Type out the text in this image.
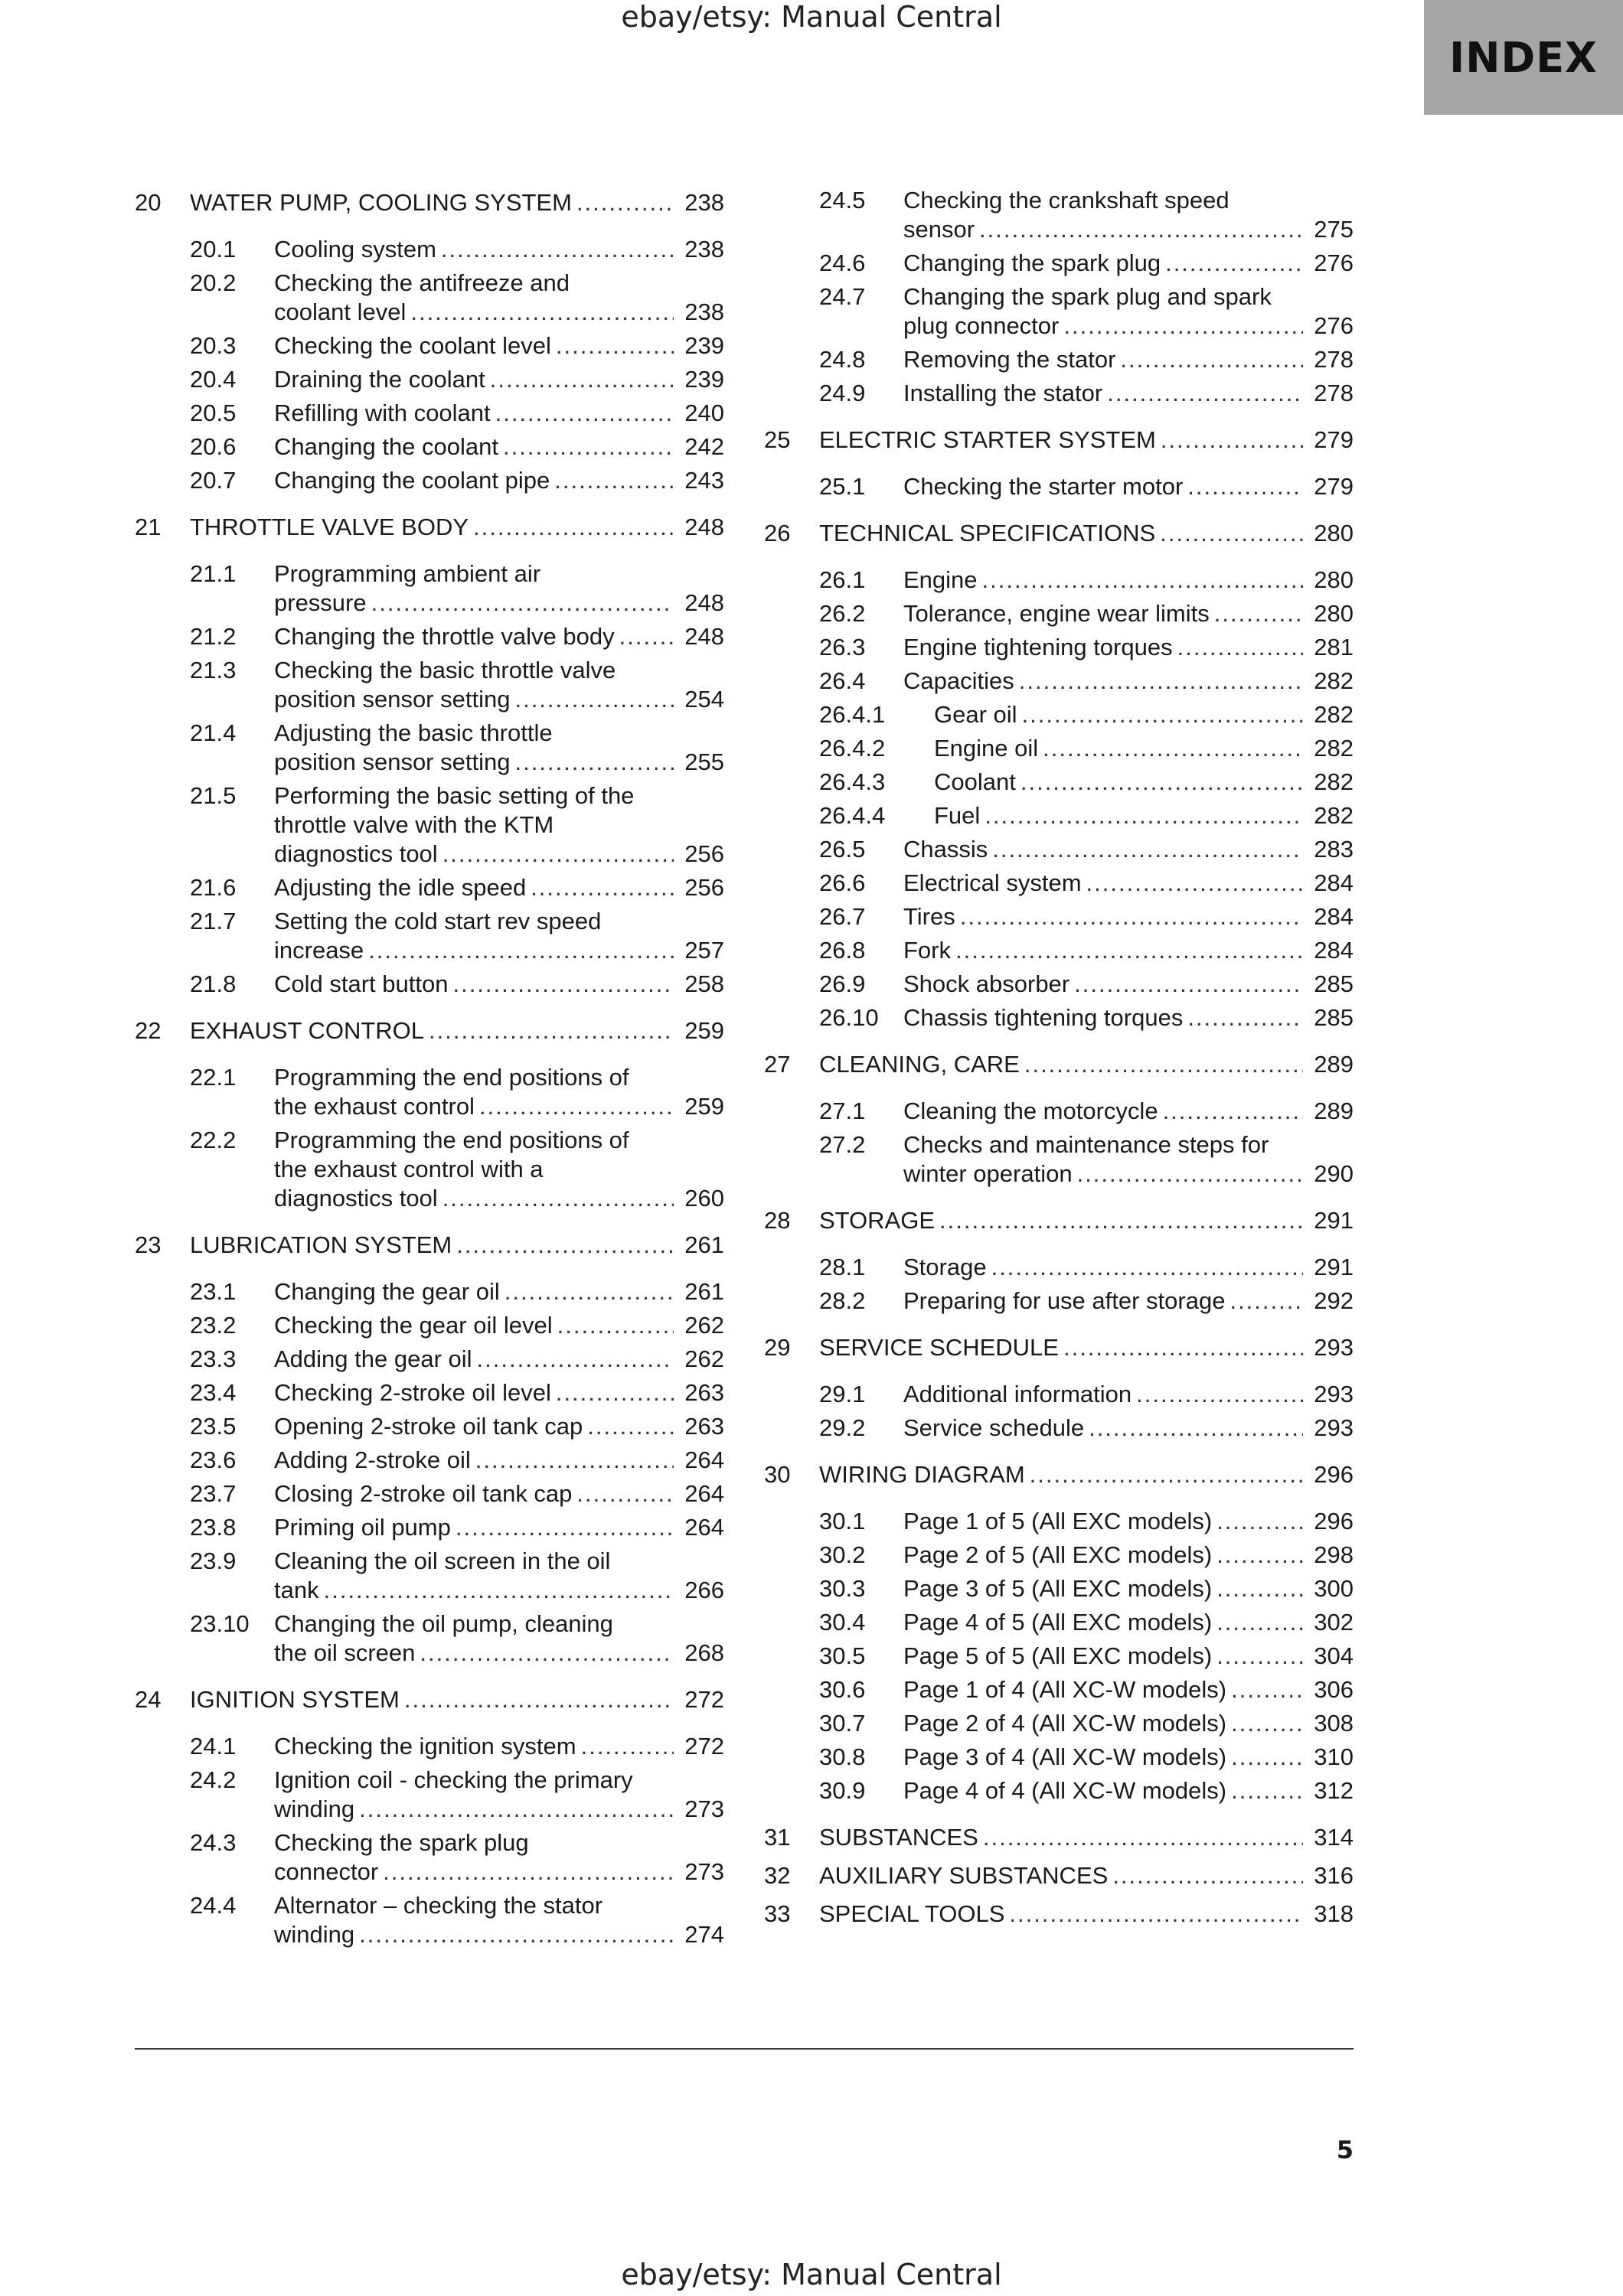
ebay/etsy: Manual Central
INDEX
20	WATER PUMP, COOLING SYSTEM .....	238
20.1	Cooling system .....	238
20.2	Checking the antifreeze and
coolant level .....	238
20.3	Checking the coolant level .....	239
20.4	Draining the coolant .....	239
20.5	Refilling with coolant .....	240
20.6	Changing the coolant .....	242
20.7	Changing the coolant pipe .....	243
21	THROTTLE VALVE BODY .....	248
21.1	Programming ambient air
pressure .....	248
21.2	Changing the throttle valve body .....	248
21.3	Checking the basic throttle valve
position sensor setting .....	254
21.4	Adjusting the basic throttle
position sensor setting .....	255
21.5	Performing the basic setting of the
throttle valve with the KTM
diagnostics tool .....	256
21.6	Adjusting the idle speed .....	256
21.7	Setting the cold start rev speed
increase .....	257
21.8	Cold start button .....	258
22	EXHAUST CONTROL .....	259
22.1	Programming the end positions of
the exhaust control .....	259
22.2	Programming the end positions of
the exhaust control with a
diagnostics tool .....	260
23	LUBRICATION SYSTEM .....	261
23.1	Changing the gear oil .....	261
23.2	Checking the gear oil level .....	262
23.3	Adding the gear oil .....	262
23.4	Checking 2-stroke oil level .....	263
23.5	Opening 2-stroke oil tank cap .....	263
23.6	Adding 2-stroke oil .....	264
23.7	Closing 2-stroke oil tank cap .....	264
23.8	Priming oil pump .....	264
23.9	Cleaning the oil screen in the oil
tank .....	266
23.10	Changing the oil pump, cleaning
the oil screen .....	268
24	IGNITION SYSTEM .....	272
24.1	Checking the ignition system .....	272
24.2	Ignition coil - checking the primary
winding .....	273
24.3	Checking the spark plug
connector .....	273
24.4	Alternator – checking the stator
winding .....	274
24.5	Checking the crankshaft speed
sensor .....	275
24.6	Changing the spark plug .....	276
24.7	Changing the spark plug and spark
plug connector .....	276
24.8	Removing the stator .....	278
24.9	Installing the stator .....	278
25	ELECTRIC STARTER SYSTEM .....	279
25.1	Checking the starter motor .....	279
26	TECHNICAL SPECIFICATIONS .....	280
26.1	Engine .....	280
26.2	Tolerance, engine wear limits .....	280
26.3	Engine tightening torques .....	281
26.4	Capacities .....	282
26.4.1	Gear oil .....	282
26.4.2	Engine oil .....	282
26.4.3	Coolant .....	282
26.4.4	Fuel .....	282
26.5	Chassis .....	283
26.6	Electrical system .....	284
26.7	Tires .....	284
26.8	Fork .....	284
26.9	Shock absorber .....	285
26.10	Chassis tightening torques .....	285
27	CLEANING, CARE .....	289
27.1	Cleaning the motorcycle .....	289
27.2	Checks and maintenance steps for
winter operation .....	290
28	STORAGE .....	291
28.1	Storage .....	291
28.2	Preparing for use after storage .....	292
29	SERVICE SCHEDULE .....	293
29.1	Additional information .....	293
29.2	Service schedule .....	293
30	WIRING DIAGRAM .....	296
30.1	Page 1 of 5 (All EXC models) .....	296
30.2	Page 2 of 5 (All EXC models) .....	298
30.3	Page 3 of 5 (All EXC models) .....	300
30.4	Page 4 of 5 (All EXC models) .....	302
30.5	Page 5 of 5 (All EXC models) .....	304
30.6	Page 1 of 4 (All XC-W models) .....	306
30.7	Page 2 of 4 (All XC-W models) .....	308
30.8	Page 3 of 4 (All XC-W models) .....	310
30.9	Page 4 of 4 (All XC-W models) .....	312
31	SUBSTANCES .....	314
32	AUXILIARY SUBSTANCES .....	316
33	SPECIAL TOOLS .....	318
5
ebay/etsy: Manual Central
